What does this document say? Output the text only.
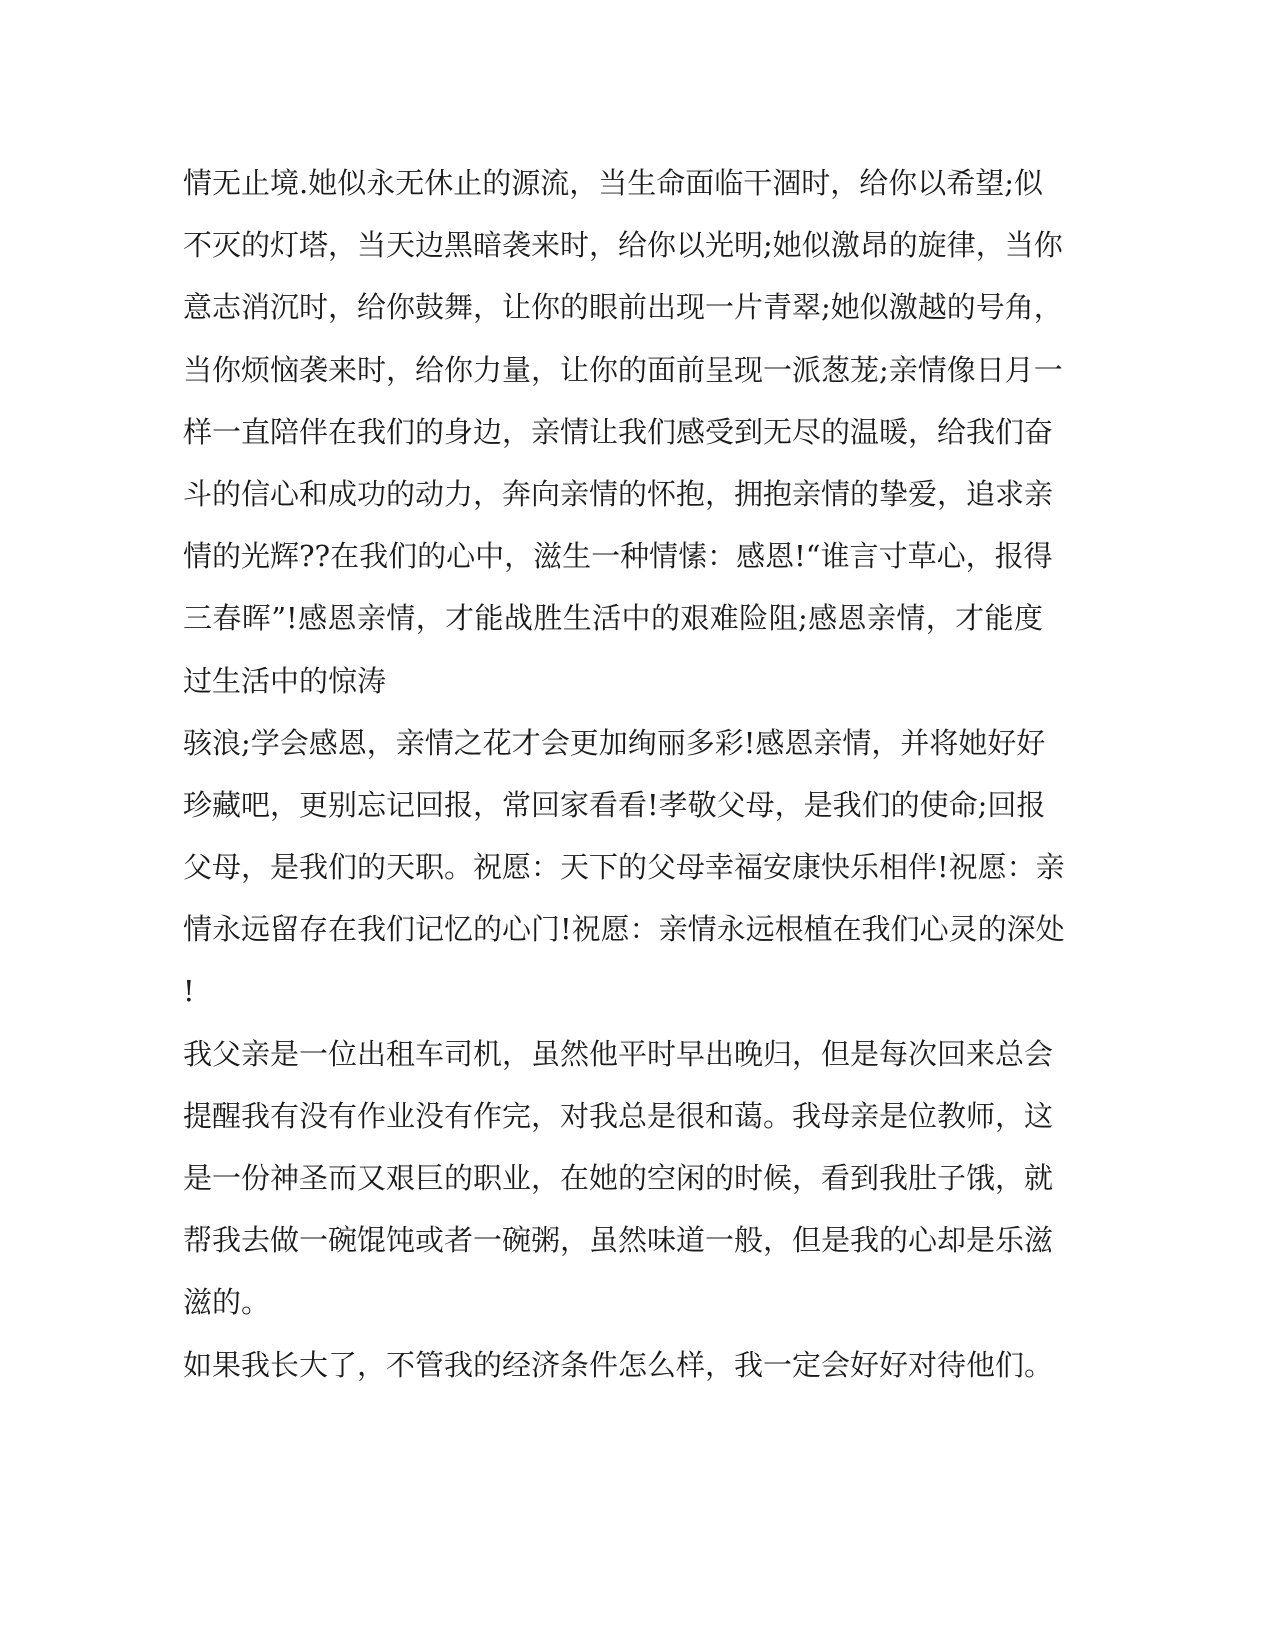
情无止境.她似永无休止的源流，当生命面临干涸时，给你以希望;似
不灭的灯塔，当天边黑暗袭来时，给你以光明;她似激昂的旋律，当你
意志消沉时，给你鼓舞，让你的眼前出现一片青翠;她似激越的号角，
当你烦恼袭来时，给你力量，让你的面前呈现一派葱茏;亲情像日月一
样一直陪伴在我们的身边，亲情让我们感受到无尽的温暖，给我们奋
斗的信心和成功的动力，奔向亲情的怀抱，拥抱亲情的挚爱，追求亲
情的光辉??在我们的心中，滋生一种情愫：感恩!“谁言寸草心，报得
三春晖”!感恩亲情，才能战胜生活中的艰难险阻;感恩亲情，才能度
过生活中的惊涛
骇浪;学会感恩，亲情之花才会更加绚丽多彩!感恩亲情，并将她好好
珍藏吧，更别忘记回报，常回家看看!孝敬父母，是我们的使命;回报
父母，是我们的天职。祝愿：天下的父母幸福安康快乐相伴!祝愿：亲
情永远留存在我们记忆的心门!祝愿：亲情永远根植在我们心灵的深处
!
我父亲是一位出租车司机，虽然他平时早出晚归，但是每次回来总会
提醒我有没有作业没有作完，对我总是很和蔼。我母亲是位教师，这
是一份神圣而又艰巨的职业，在她的空闲的时候，看到我肚子饿，就
帮我去做一碗馄饨或者一碗粥，虽然味道一般，但是我的心却是乐滋
滋的。
如果我长大了，不管我的经济条件怎么样，我一定会好好对待他们。
